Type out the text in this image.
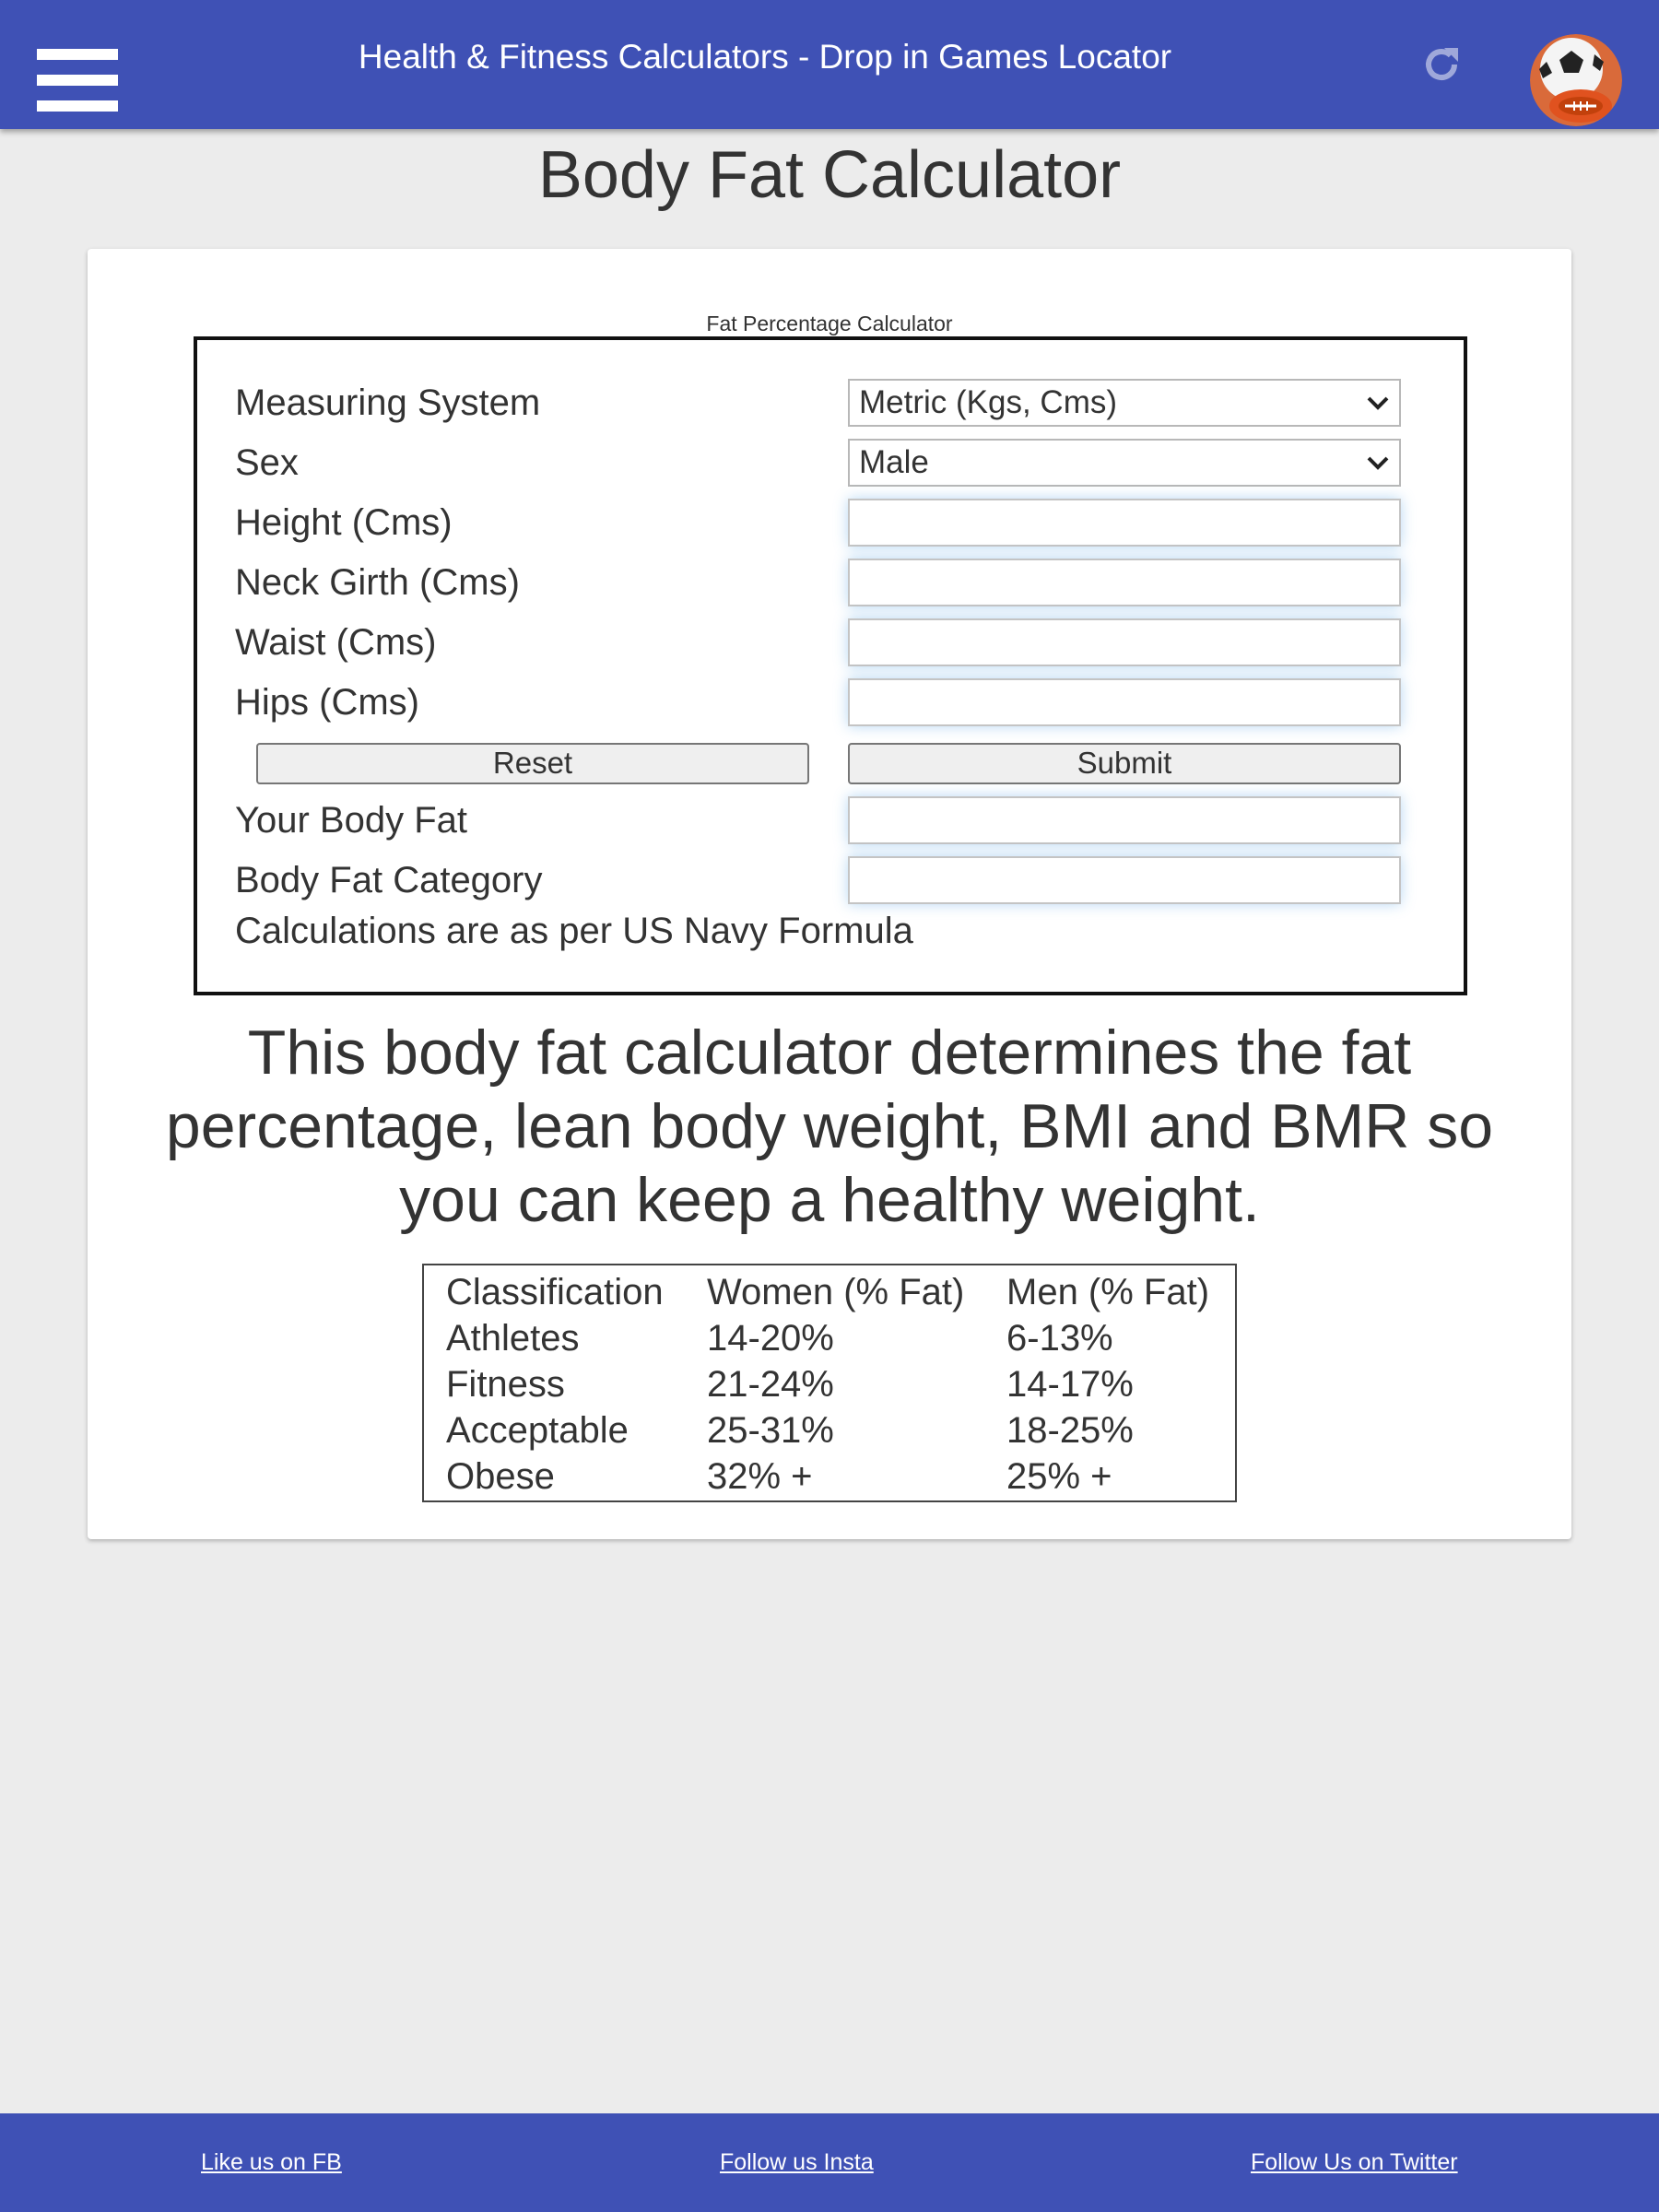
Health & Fitness Calculators - Drop in Games Locator
Body Fat Calculator
Fat Percentage Calculator
Measuring System	Metric (Kgs, Cms)
Sex	Male
Height (Cms)
Neck Girth (Cms)
Waist (Cms)
Hips (Cms)
Reset	Submit
Your Body Fat
Body Fat Category
Calculations are as per US Navy Formula

This body fat calculator determines the fat percentage, lean body weight, BMI and BMR so you can keep a healthy weight.

Classification Women (% Fat) Men (% Fat)
Athletes	14-20%	6-13%
Fitness	21-24%	14-17%
Acceptable 25-31%	18-25%
Obese	32% +	25% +
Like us on FB	Follow us Insta	Follow Us on Twitter
